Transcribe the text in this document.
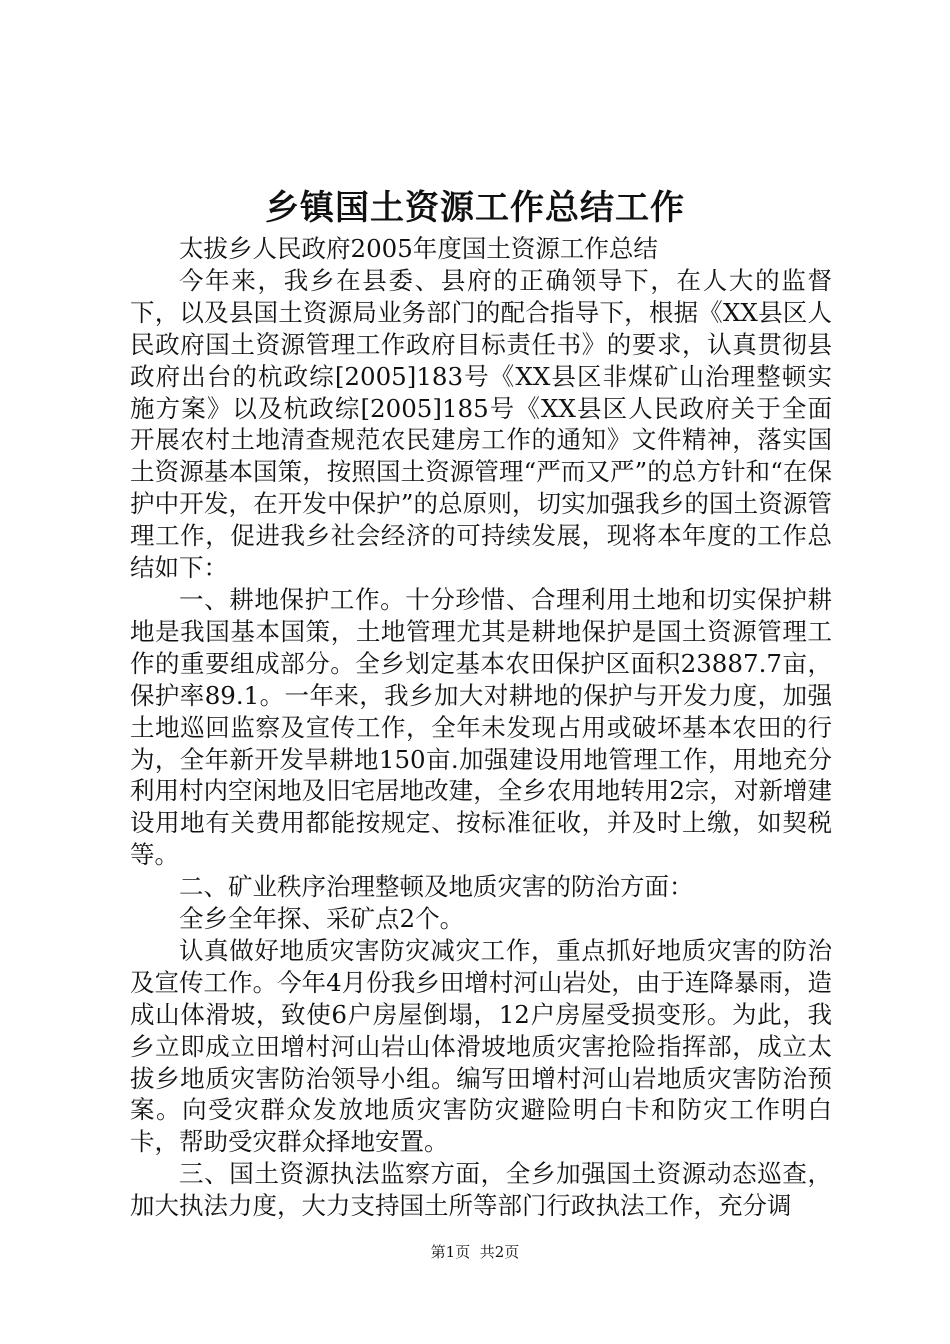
乡镇国土资源工作总结工作

太拔乡人民政府2005年度国土资源工作总结

今年来，我乡在县委、县府的正确领导下，在人大的监督下，以及县国土资源局业务部门的配合指导下，根据《XX县区人民政府国土资源管理工作政府目标责任书》的要求，认真贯彻县政府出台的杭政综[2005]183号《XX县区非煤矿山治理整顿实施方案》以及杭政综[2005]185号《XX县区人民政府关于全面开展农村土地清查规范农民建房工作的通知》文件精神，落实国土资源基本国策，按照国土资源管理“严而又严”的总方针和“在保护中开发，在开发中保护”的总原则，切实加强我乡的国土资源管理工作，促进我乡社会经济的可持续发展，现将本年度的工作总结如下：

一、耕地保护工作。十分珍惜、合理利用土地和切实保护耕地是我国基本国策，土地管理尤其是耕地保护是国土资源管理工作的重要组成部分。全乡划定基本农田保护区面积23887.7亩，保护率89.1。一年来，我乡加大对耕地的保护与开发力度，加强土地巡回监察及宣传工作，全年未发现占用或破坏基本农田的行为，全年新开发旱耕地150亩.加强建设用地管理工作，用地充分利用村内空闲地及旧宅居地改建，全乡农用地转用2宗，对新增建设用地有关费用都能按规定、按标准征收，并及时上缴，如契税等。

二、矿业秩序治理整顿及地质灾害的防治方面：

全乡全年探、采矿点2个。

认真做好地质灾害防灾减灾工作，重点抓好地质灾害的防治及宣传工作。今年4月份我乡田增村河山岩处，由于连降暴雨，造成山体滑坡，致使6户房屋倒塌，12户房屋受损变形。为此，我乡立即成立田增村河山岩山体滑坡地质灾害抢险指挥部，成立太拔乡地质灾害防治领导小组。编写田增村河山岩地质灾害防治预案。向受灾群众发放地质灾害防灾避险明白卡和防灾工作明白卡，帮助受灾群众择地安置。

三、国土资源执法监察方面，全乡加强国土资源动态巡查，加大执法力度，大力支持国土所等部门行政执法工作，充分调

第1页 共2页
